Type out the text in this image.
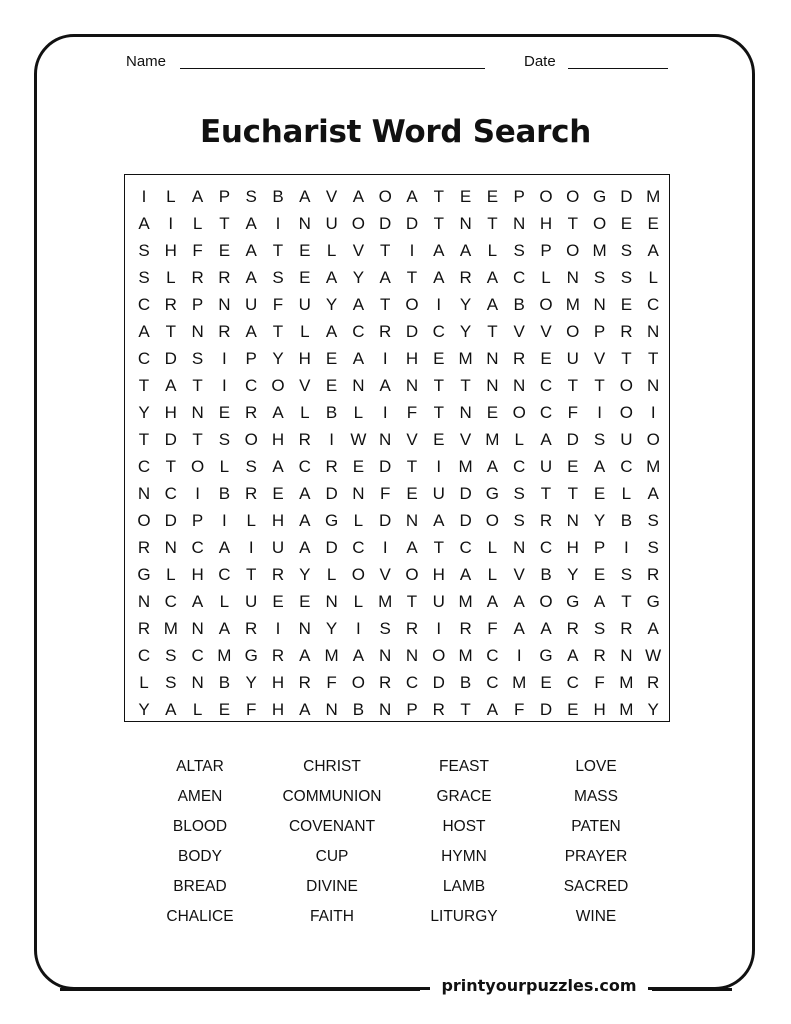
Name	Date
Eucharist Word Search
I	L A P S B A V A O A T E E P O O G D M
A	I	L T A	I	N U O D D T N T N H T O E E
S H F E A T E L V T	I	A A L S P O M S A
S L R R A S E A Y A T A R A C L N S S L
C R P N U F U Y A T O	I	Y A B O M N E C
A T N R A T L A C R D C Y T V V O P R N
C D S	I	P Y H E A	I	H E M N R E U V T T
T A T	I	C O V E N A N T T N N C T T O N
Y H N E R A L B L	I	F T N E O C F	I	O	I
T D T S O H R	I W N V E V M L A D S U O
C T O L S A C R E D T	I	M A C U E A C M
N C	I	B R E A D N F E U D G S T T E L A
O D P	I	L H A G L D N A D O S R N Y B S
R N C A	I	U A D C	I	A T C L N C H P	I	S
G L H C T R Y L O V O H A L V B Y E S R
N C A L U E E N L M T U M A A O G A T G
R M N A R	I	N Y	I	S R	I	R F A A R S R A
C S C M G R A M A N N O M C	I	G A R N W
L S N B Y H R F O R C D B C M E C F M R
Y A L E F H A N B N P R T A F D E H M Y
ALTAR	CHRIST	FEAST	LOVE
AMEN	COMMUNION	GRACE	MASS
BLOOD	COVENANT	HOST	PATEN
BODY	CUP	HYMN	PRAYER
BREAD	DIVINE	LAMB	SACRED
CHALICE	FAITH	LITURGY	WINE
printyourpuzzles.com
